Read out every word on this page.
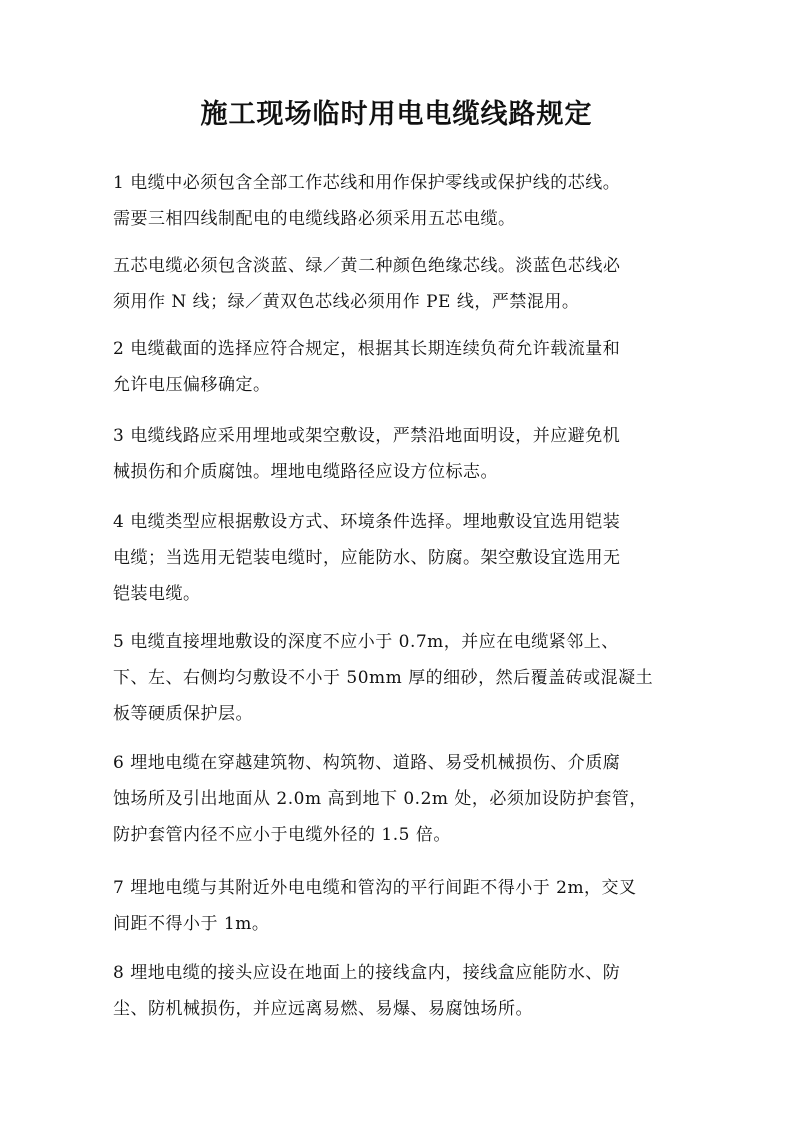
施工现场临时用电电缆线路规定

1 电缆中必须包含全部工作芯线和用作保护零线或保护线的芯线。
需要三相四线制配电的电缆线路必须采用五芯电缆。

五芯电缆必须包含淡蓝、绿／黄二种颜色绝缘芯线。淡蓝色芯线必
须用作 N 线；绿／黄双色芯线必须用作 PE 线，严禁混用。

2 电缆截面的选择应符合规定，根据其长期连续负荷允许载流量和
允许电压偏移确定。

3 电缆线路应采用埋地或架空敷设，严禁沿地面明设，并应避免机
械损伤和介质腐蚀。埋地电缆路径应设方位标志。

4 电缆类型应根据敷设方式、环境条件选择。埋地敷设宜选用铠装
电缆；当选用无铠装电缆时，应能防水、防腐。架空敷设宜选用无
铠装电缆。

5 电缆直接埋地敷设的深度不应小于 0.7m，并应在电缆紧邻上、
下、左、右侧均匀敷设不小于 50mm 厚的细砂，然后覆盖砖或混凝土
板等硬质保护层。

6 埋地电缆在穿越建筑物、构筑物、道路、易受机械损伤、介质腐
蚀场所及引出地面从 2.0m 高到地下 0.2m 处，必须加设防护套管，
防护套管内径不应小于电缆外径的 1.5 倍。

7 埋地电缆与其附近外电电缆和管沟的平行间距不得小于 2m，交叉
间距不得小于 1m。

8 埋地电缆的接头应设在地面上的接线盒内，接线盒应能防水、防
尘、防机械损伤，并应远离易燃、易爆、易腐蚀场所。
